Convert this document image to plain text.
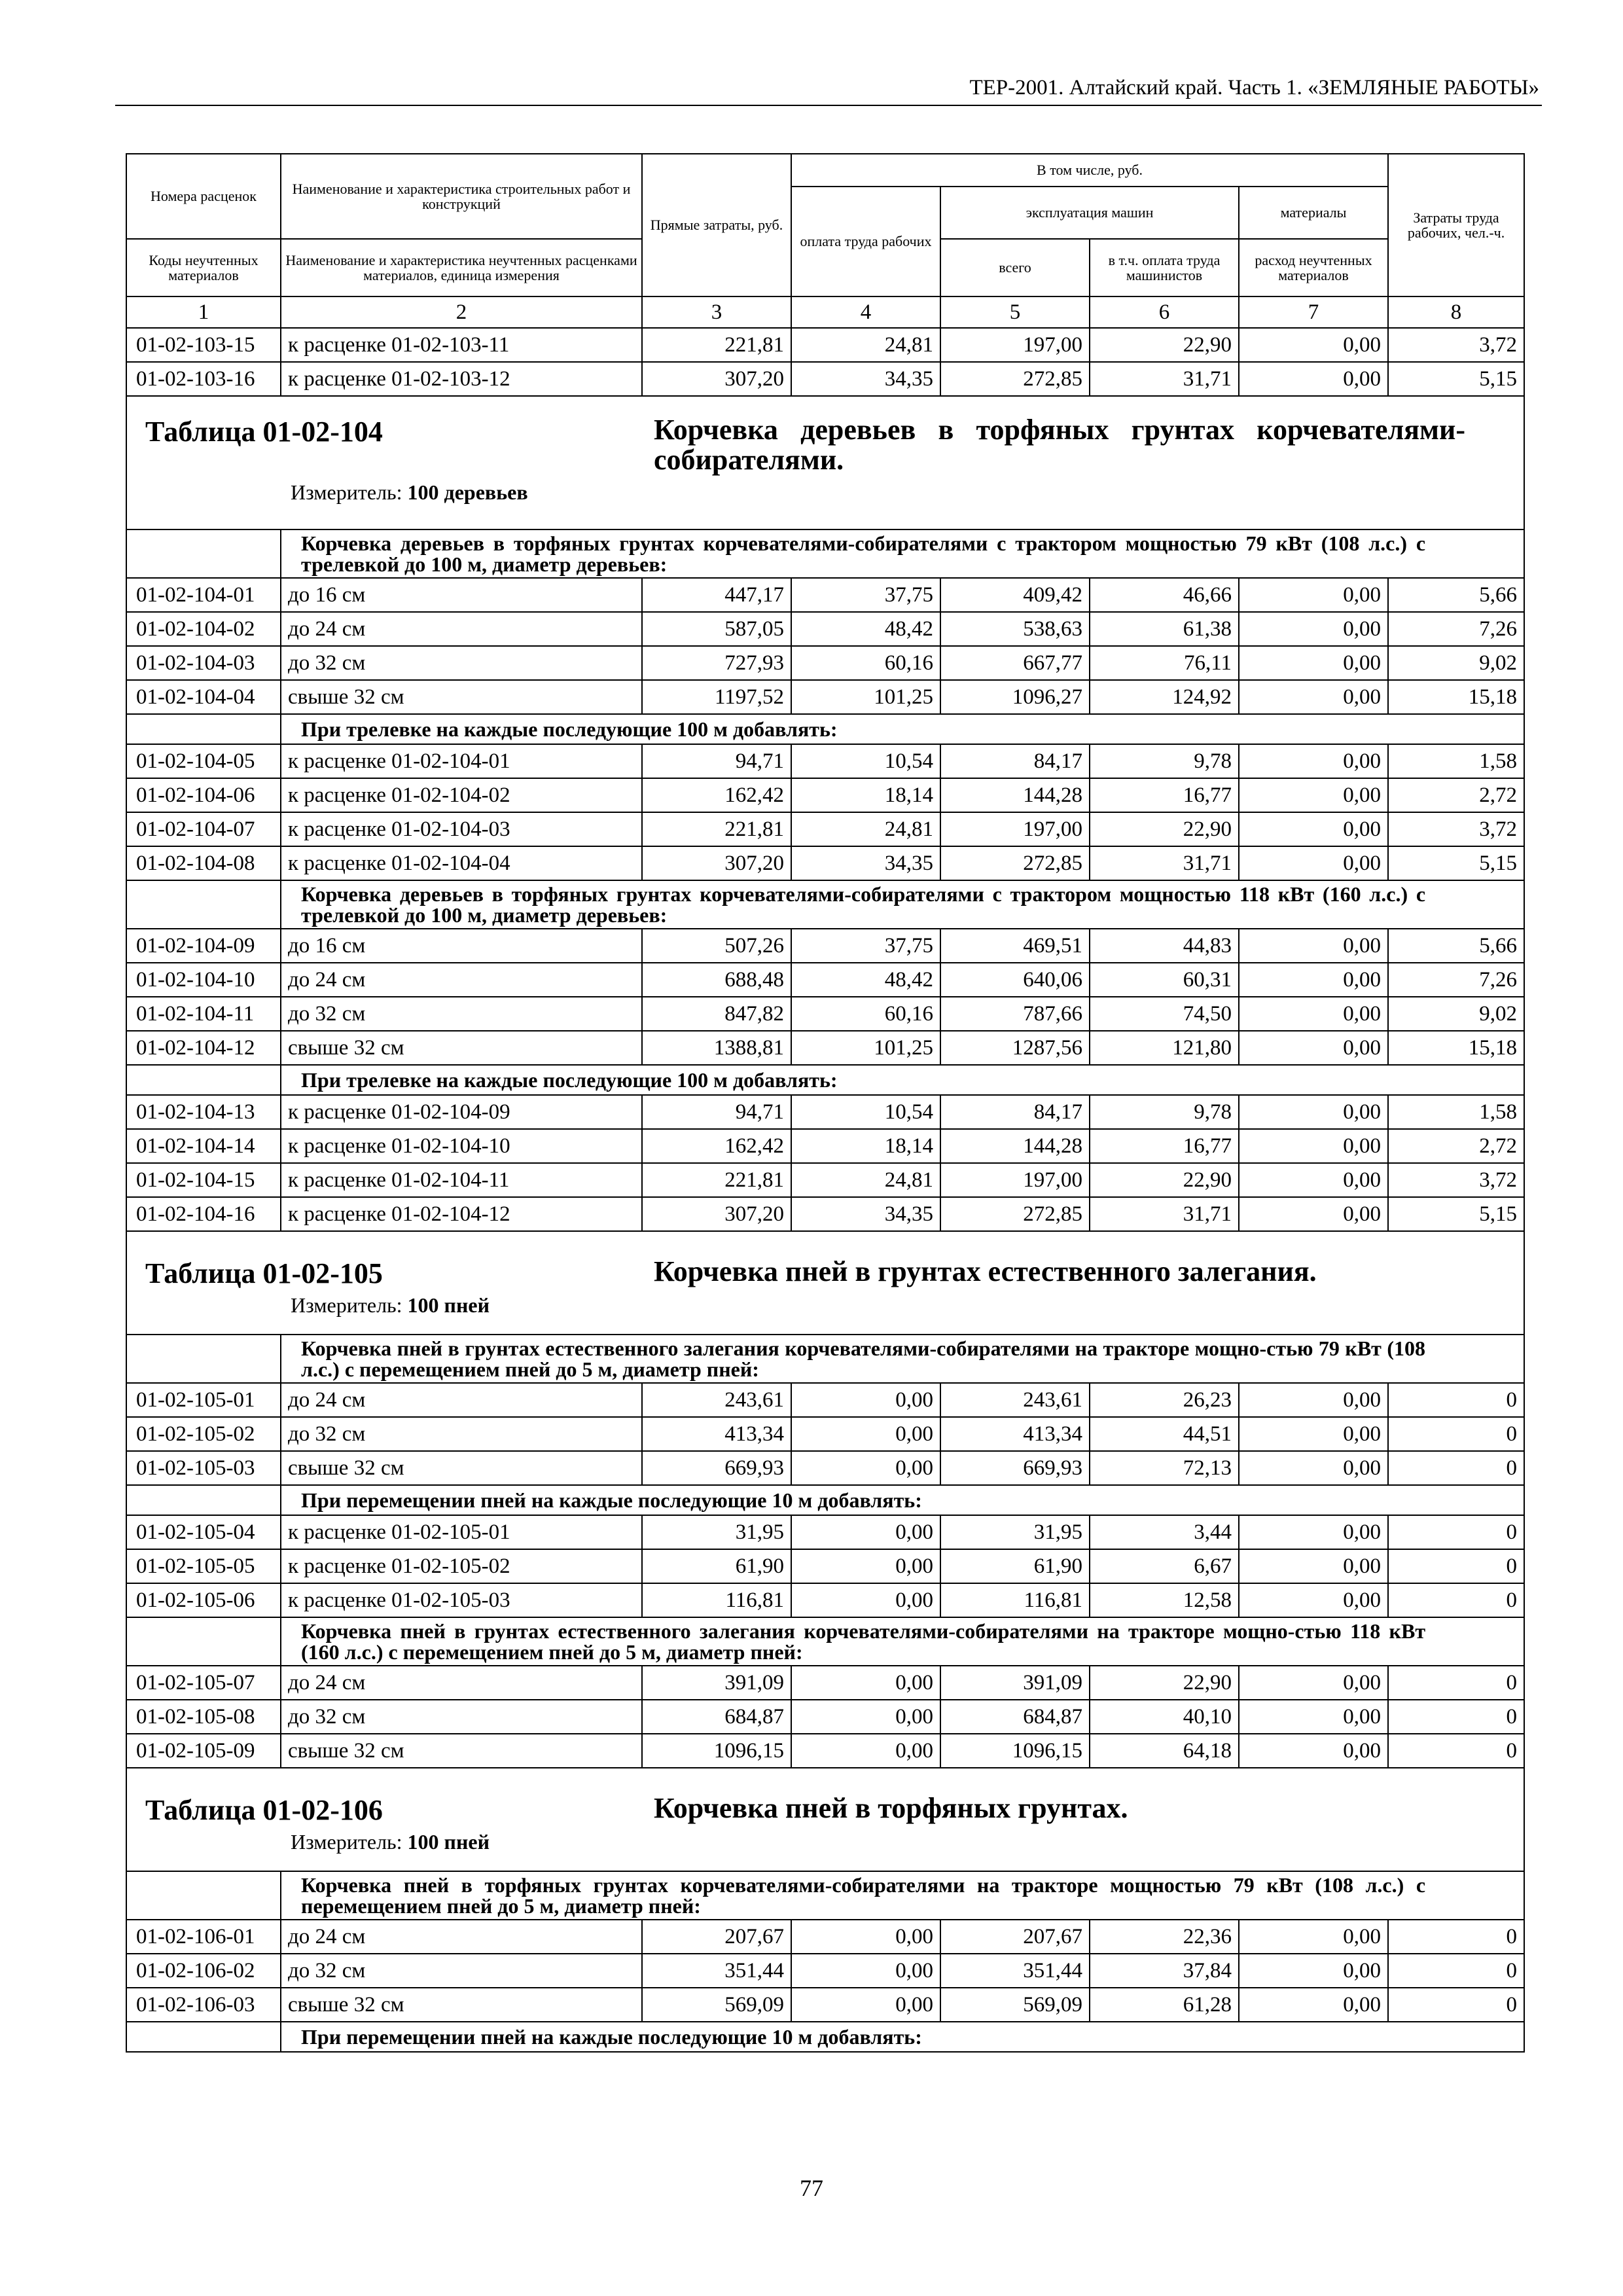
ТЕР-2001. Алтайский край. Часть 1. «ЗЕМЛЯНЫЕ РАБОТЫ»
Номера расценок	Наименование и характеристика строительных работ и конструкций	Прямые затраты, руб.	В том числе, руб.				Затраты труда рабочих, чел.-ч.
			оплата труда рабочих	эксплуатация машин		материалы	
Коды неучтенных материалов	Наименование и характеристика неучтенных расценками материалов, единица измерения			всего	в т.ч. оплата труда машинистов	расход неучтенных материалов	
1	2	3	4	5	6	7	8
01-02-103-15	к расценке 01-02-103-11	221,81	24,81	197,00	22,90	0,00	3,72
01-02-103-16	к расценке 01-02-103-12	307,20	34,35	272,85	31,71	0,00	5,15

Таблица 01-02-104 Корчевка деревьев в торфяных грунтах корчевателями-собирателями.
Измеритель: 100 деревьев							

	Корчевка деревьев в торфяных грунтах корчевателями-собирателями с трактором мощностью 79 кВт (108 л.с.) с трелевкой до 100 м, диаметр деревьев:						
01-02-104-01	до 16 см	447,17	37,75	409,42	46,66	0,00	5,66
01-02-104-02	до 24 см	587,05	48,42	538,63	61,38	0,00	7,26
01-02-104-03	до 32 см	727,93	60,16	667,77	76,11	0,00	9,02
01-02-104-04	свыше 32 см	1197,52	101,25	1096,27	124,92	0,00	15,18
	При трелевке на каждые последующие 100 м добавлять:						
01-02-104-05	к расценке 01-02-104-01	94,71	10,54	84,17	9,78	0,00	1,58
01-02-104-06	к расценке 01-02-104-02	162,42	18,14	144,28	16,77	0,00	2,72
01-02-104-07	к расценке 01-02-104-03	221,81	24,81	197,00	22,90	0,00	3,72
01-02-104-08	к расценке 01-02-104-04	307,20	34,35	272,85	31,71	0,00	5,15
	Корчевка деревьев в торфяных грунтах корчевателями-собирателями с трактором мощностью 118 кВт (160 л.с.) с трелевкой до 100 м, диаметр деревьев:						
01-02-104-09	до 16 см	507,26	37,75	469,51	44,83	0,00	5,66
01-02-104-10	до 24 см	688,48	48,42	640,06	60,31	0,00	7,26
01-02-104-11	до 32 см	847,82	60,16	787,66	74,50	0,00	9,02
01-02-104-12	свыше 32 см	1388,81	101,25	1287,56	121,80	0,00	15,18
	При трелевке на каждые последующие 100 м добавлять:						
01-02-104-13	к расценке 01-02-104-09	94,71	10,54	84,17	9,78	0,00	1,58
01-02-104-14	к расценке 01-02-104-10	162,42	18,14	144,28	16,77	0,00	2,72
01-02-104-15	к расценке 01-02-104-11	221,81	24,81	197,00	22,90	0,00	3,72
01-02-104-16	к расценке 01-02-104-12	307,20	34,35	272,85	31,71	0,00	5,15

Таблица 01-02-105 Корчевка пней в грунтах естественного залегания.
Измеритель: 100 пней							

	Корчевка пней в грунтах естественного залегания корчевателями-собирателями на тракторе мощно-стью 79 кВт (108 л.с.) с перемещением пней до 5 м, диаметр пней:						
01-02-105-01	до 24 см	243,61	0,00	243,61	26,23	0,00	0
01-02-105-02	до 32 см	413,34	0,00	413,34	44,51	0,00	0
01-02-105-03	свыше 32 см	669,93	0,00	669,93	72,13	0,00	0
	При перемещении пней на каждые последующие 10 м добавлять:						
01-02-105-04	к расценке 01-02-105-01	31,95	0,00	31,95	3,44	0,00	0
01-02-105-05	к расценке 01-02-105-02	61,90	0,00	61,90	6,67	0,00	0
01-02-105-06	к расценке 01-02-105-03	116,81	0,00	116,81	12,58	0,00	0
	Корчевка пней в грунтах естественного залегания корчевателями-собирателями на тракторе мощно-стью 118 кВт (160 л.с.) с перемещением пней до 5 м, диаметр пней:						
01-02-105-07	до 24 см	391,09	0,00	391,09	22,90	0,00	0
01-02-105-08	до 32 см	684,87	0,00	684,87	40,10	0,00	0
01-02-105-09	свыше 32 см	1096,15	0,00	1096,15	64,18	0,00	0

Таблица 01-02-106 Корчевка пней в торфяных грунтах.
Измеритель: 100 пней							

	Корчевка пней в торфяных грунтах корчевателями-собирателями на тракторе мощностью 79 кВт (108 л.с.) с перемещением пней до 5 м, диаметр пней:						
01-02-106-01	до 24 см	207,67	0,00	207,67	22,36	0,00	0
01-02-106-02	до 32 см	351,44	0,00	351,44	37,84	0,00	0
01-02-106-03	свыше 32 см	569,09	0,00	569,09	61,28	0,00	0
	При перемещении пней на каждые последующие 10 м добавлять:						
77
